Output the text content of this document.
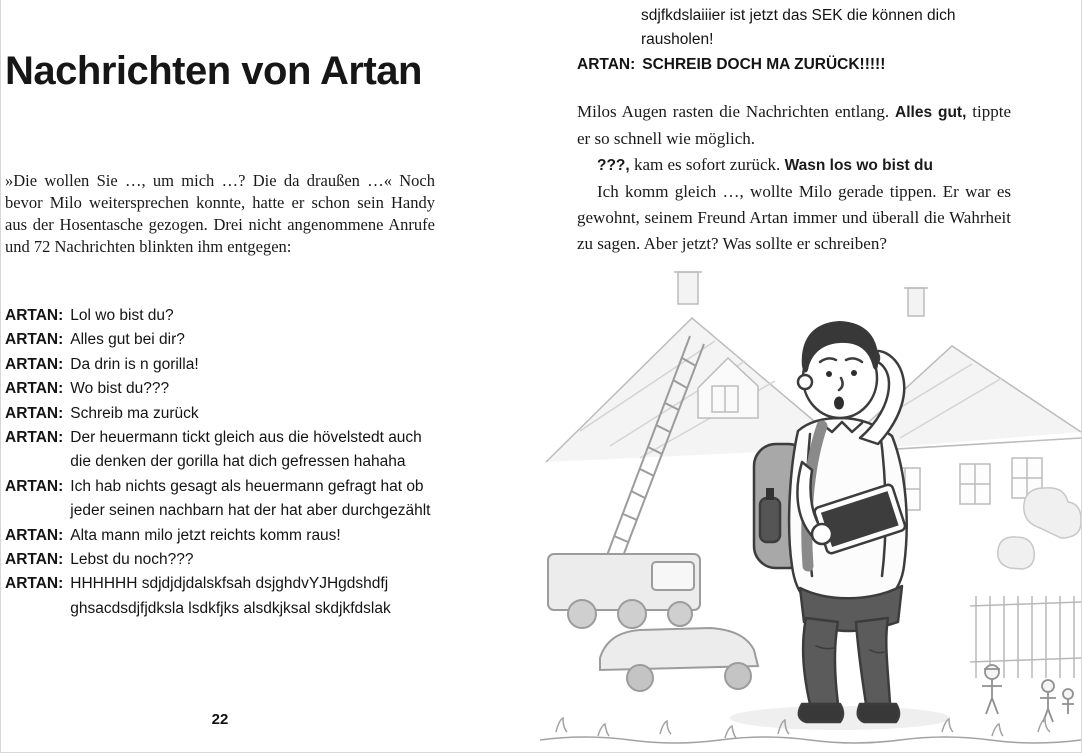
Nachrichten von Artan

»Die wollen Sie …, um mich …? Die da draußen …« Noch bevor Milo weitersprechen konnte, hatte er schon sein Handy aus der Hosentasche gezogen. Drei nicht angenommene Anrufe und 72 Nachrichten blinkten ihm entgegen:

ARTAN: Lol wo bist du?
ARTAN: Alles gut bei dir?
ARTAN: Da drin is n gorilla!
ARTAN: Wo bist du???
ARTAN: Schreib ma zurück
ARTAN: Der heuermann tickt gleich aus die hövelstedt auch die denken der gorilla hat dich gefressen hahaha
ARTAN: Ich hab nichts gesagt als heuermann gefragt hat ob jeder seinen nachbarn hat der hat aber durchgezählt
ARTAN: Alta mann milo jetzt reichts komm raus!
ARTAN: Lebst du noch???
ARTAN: HHHHHH sdjdjdjdalskfsah dsjghdvYJHgdshdfj ghsacdsdjfjdksla lsdkfjks alsdkjksal skdjkfdslak
22
sdjfkdslaiiier ist jetzt das SEK die können dich rausholen!
ARTAN: SCHREIB DOCH MA ZURÜCK!!!!!

Milos Augen rasten die Nachrichten entlang. Alles gut, tippte er so schnell wie möglich.

???, kam es sofort zurück. Wasn los wo bist du

Ich komm gleich …, wollte Milo gerade tippen. Er war es gewohnt, seinem Freund Artan immer und überall die Wahrheit zu sagen. Aber jetzt? Was sollte er schreiben?
